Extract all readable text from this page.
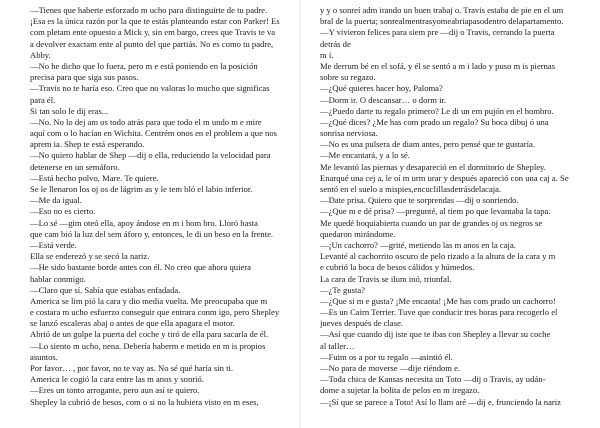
—Tienes que haberte esforzado m ucho para distinguirte de tu padre.
¡Esa es la única razón por la que te estás planteando estar con Parker! Es
com pletam ente opuesto a Mick y, sin em bargo, crees que Travis te va
a devolver exactam ente al punto del que partiás. No es como tu padre,
Abby.
—No he dicho que lo fuera, pero m e está poniendo en la posición
precisa para que siga sus pasos.
—Travis no te haría eso. Creo que no valoras lo mucho que significas
para él.
Si tan solo le dij eras...
—No. No lo dej am os todo atrás para que todo el m undo m e mire
aquí com o lo hacían en Wichita. Centrém onos en el problem a que nos
aprem ia. Shep te está esperando.
—No quiero hablar de Shep —dij o ella, reduciendo la velocidad para
detenerse en un semáforo.
—Está hecho polvo, Mare. Te quiere.
Se le llenaron los oj os de lágrim as y le tem bló el labio inferior.
—Me da igual.
—Eso no es cierto.
—Lo sé —gim oteó ella, apoy ándose en m i hom bro. Lloró hasta
que cam bió la luz del sem áforo y, entonces, le di un beso en la frente.
—Está verde.
Ella se enderezó y se secó la nariz.
—He sido bastante borde antes con él. No creo que ahora quiera
hablar conmigo.
—Claro que sí. Sabía que estabas enfadada.
America se lim pió la cara y dio media vuelta. Me preocupaba que m
e costara m ucho esfuerzo conseguir que entrara conm igo, pero Shepley
se lanzó escaleras abaj o antes de que ella apagara el motor.
Abrió de un golpe la puerta del coche y tiró de ella para sacarla de él.
—Lo siento m ucho, nena. Debería haberm e metido en m is propios
asuntos.
Por favor… , por favor, no te vay as. No sé qué haría sin ti.
America le cogió la cara entre las m anos y sonrió.
—Eres un tonto arrogante, pero aun así te quiero.
Shepley la cubrió de besos, com o si no la hubiera visto en m eses,
y y o sonreí adm irando un buen trabaj o. Travis estaba de pie en el um
bral de la puerta; sonrealmentrasyomeabriapasodentro delapartamento.
—Y vivieron felices para siem pre —dij o Travis, cerrando la puerta
detrás de
m í.
Me derrum bé en el sofá, y él se sentó a m i lado y puso m is piernas
sobre su regazo.
—¿Qué quieres hacer hoy, Paloma?
—Dorm ir. O descansar… o dorm ir.
—¿Puedo darte tu regalo primero? Le di un em pujón en el hombro.
—¿Qué dices? ¿Me has com prado un regalo? Su boca dibuj ó una
sonrisa nerviosa.
—No es una pulsera de diam antes, pero pensé que te gustaría.
—Me encantará, y a lo sé.
Me levantó las piernas y desapareció en el dormitorio de Shepley.
Enarqué una cej a, le oí m urm urar y después apareció con una caj a. Se
sentó en el suelo a mispies,encuclillasdetrásdelacaja.
—Date prisa. Quiero que te sorprendas —dij o sonriendo.
—¿Que m e dé prisa? —pregunté, al tiem po que levantaba la tapa.
Me quedé boquiabierta cuando un par de grandes oj os negros se
quedaron mirándome.
—¡Un cachorro? —grité, metiendo las m anos en la caja.
Levanté al cachorrito oscuro de pelo rizado a la altura de la cara y m
e cubrió la boca de besos cálidos y húmedos.
La cara de Travis se ilum inó, triunfal.
—¿Te gusta?
—¿Que si m e gusta? ¡Me encanta! ¡Me has com prado un cachorro!
—Es un Cairn Terrier. Tuve que conducir tres horas para recogerlo el
jueves después de clase.
—Así que cuando dij iste que te ibas con Shepley a llevar su coche
al taller…
—Fuim os a por tu regalo —asintió él.
—No para de moverse —dije riéndom e.
—Toda chica de Kansas necesita un Toto —dij o Travis, ay udán-
dome a sujetar la bolita de pelos en m iregazo.
—¡Sí que se parece a Toto! Así lo llam aré —dij e, frunciendo la nariz
